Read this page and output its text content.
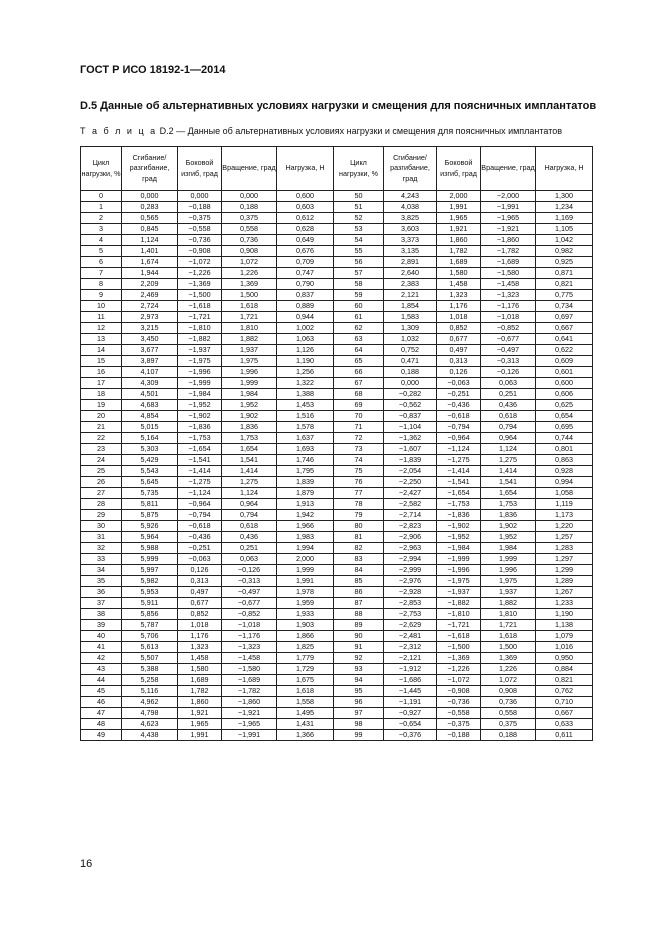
ГОСТ Р ИСО 18192-1—2014
D.5 Данные об альтернативных условиях нагрузки и смещения для поясничных имплантатов
Т а б л и ц а D.2 — Данные об альтернативных условиях нагрузки и смещения для поясничных имплантатов
Цикл нагрузки, %	Сгибание/ разгибание, град	Боковой изгиб, град	Вращение, град	Нагрузка, Н	Цикл нагрузки, %	Сгибание/ разгибание, град	Боковой изгиб, град	Вращение, град	Нагрузка, Н
0	0,000	0,000	0,000	0,600	50	4,243	2,000	−2,000	1,300
1	0,283	−0,188	0,188	0,603	51	4,038	1,991	−1,991	1,234
2	0,565	−0,375	0,375	0,612	52	3,825	1,965	−1,965	1,169
3	0,845	−0,558	0,558	0,628	53	3,603	1,921	−1,921	1,105
4	1,124	−0,736	0,736	0,649	54	3,373	1,860	−1,860	1,042
5	1,401	−0,908	0,908	0,676	55	3,135	1,782	−1,782	0,982
6	1,674	−1,072	1,072	0,709	56	2,891	1,689	−1,689	0,925
7	1,944	−1,226	1,226	0,747	57	2,640	1,580	−1,580	0,871
8	2,209	−1,369	1,369	0,790	58	2,383	1,458	−1,458	0,821
9	2,469	−1,500	1,500	0,837	59	2,121	1,323	−1,323	0,775
10	2,724	−1,618	1,618	0,889	60	1,854	1,176	−1,176	0,734
11	2,973	−1,721	1,721	0,944	61	1,583	1,018	−1,018	0,697
12	3,215	−1,810	1,810	1,002	62	1,309	0,852	−0,852	0,667
13	3,450	−1,882	1,882	1,063	63	1,032	0,677	−0,677	0,641
14	3,677	−1,937	1,937	1,126	64	0,752	0,497	−0,497	0,622
15	3,897	−1,975	1,975	1,190	65	0,471	0,313	−0,313	0,609
16	4,107	−1,996	1,996	1,256	66	0,188	0,126	−0,126	0,601
17	4,309	−1,999	1,999	1,322	67	0,000	−0,063	0,063	0,600
18	4,501	−1,984	1,984	1,388	68	−0,282	−0,251	0,251	0,606
19	4,683	−1,952	1,952	1,453	69	−0,562	−0,436	0,436	0,625
20	4,854	−1,902	1,902	1,516	70	−0,837	−0,618	0,618	0,654
21	5,015	−1,836	1,836	1,578	71	−1,104	−0,794	0,794	0,695
22	5,164	−1,753	1,753	1,637	72	−1,362	−0,964	0,964	0,744
23	5,303	−1,654	1,654	1,693	73	−1,607	−1,124	1,124	0,801
24	5,429	−1,541	1,541	1,746	74	−1,839	−1,275	1,275	0,863
25	5,543	−1,414	1,414	1,795	75	−2,054	−1,414	1,414	0,928
26	5,645	−1,275	1,275	1,839	76	−2,250	−1,541	1,541	0,994
27	5,735	−1,124	1,124	1,879	77	−2,427	−1,654	1,654	1,058
28	5,811	−0,964	0,964	1,913	78	−2,582	−1,753	1,753	1,119
29	5,875	−0,794	0,794	1,942	79	−2,714	−1,836	1,836	1,173
30	5,926	−0,618	0,618	1,966	80	−2,823	−1,902	1,902	1,220
31	5,964	−0,436	0,436	1,983	81	−2,906	−1,952	1,952	1,257
32	5,988	−0,251	0,251	1,994	82	−2,963	−1,984	1,984	1,283
33	5,999	−0,063	0,063	2,000	83	−2,994	−1,999	1,999	1,297
34	5,997	0,126	−0,126	1,999	84	−2,999	−1,996	1,996	1,299
35	5,982	0,313	−0,313	1,991	85	−2,976	−1,975	1,975	1,289
36	5,953	0,497	−0,497	1,978	86	−2,928	−1,937	1,937	1,267
37	5,911	0,677	−0,677	1,959	87	−2,853	−1,882	1,882	1,233
38	5,856	0,852	−0,852	1,933	88	−2,753	−1,810	1,810	1,190
39	5,787	1,018	−1,018	1,903	89	−2,629	−1,721	1,721	1,138
40	5,706	1,176	−1,176	1,866	90	−2,481	−1,618	1,618	1,079
41	5,613	1,323	−1,323	1,825	91	−2,312	−1,500	1,500	1,016
42	5,507	1,458	−1,458	1,779	92	−2,121	−1,369	1,369	0,950
43	5,388	1,580	−1,580	1,729	93	−1,912	−1,226	1,226	0,884
44	5,258	1,689	−1,689	1,675	94	−1,686	−1,072	1,072	0,821
45	5,116	1,782	−1,782	1,618	95	−1,445	−0,908	0,908	0,762
46	4,962	1,860	−1,860	1,558	96	−1,191	−0,736	0,736	0,710
47	4,798	1,921	−1,921	1,495	97	−0,927	−0,558	0,558	0,667
48	4,623	1,965	−1,965	1,431	98	−0,654	−0,375	0,375	0,633
49	4,438	1,991	−1,991	1,366	99	−0,376	−0,188	0,188	0,611
16
